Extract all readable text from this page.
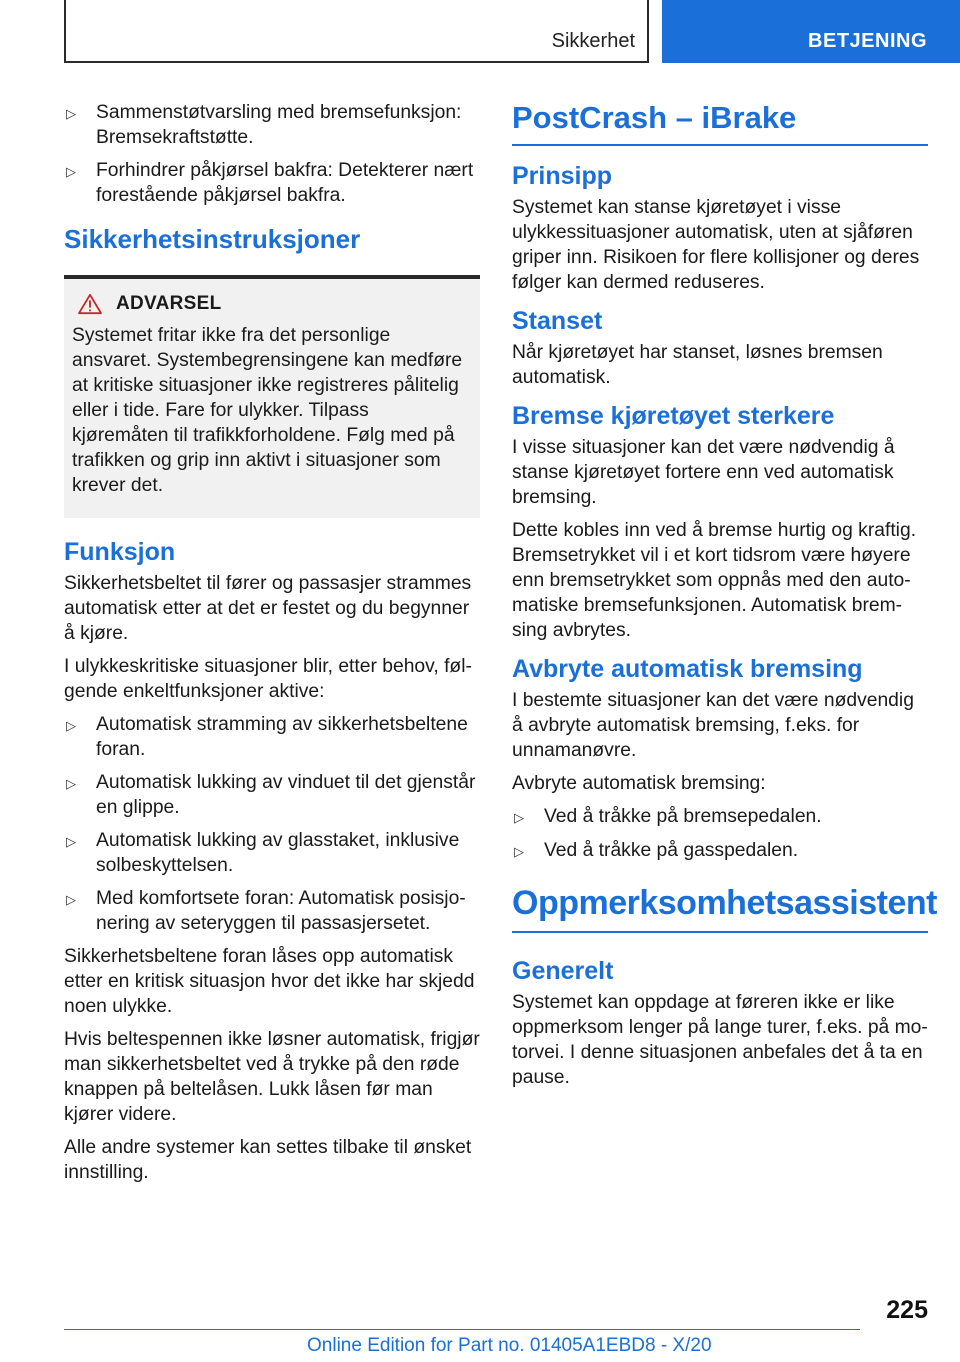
Sikkerhet	BETJENING
▷	Sammenstøtvarsling med bremsefunksjon: Bremsekraftstøtte.
▷	Forhindrer påkjørsel bakfra: Detekterer nært forestående påkjørsel bakfra.
Sikkerhetsinstruksjoner
ADVARSEL

Systemet fritar ikke fra det personlige ansvaret. Systembegrensingene kan medføre at kritiske situasjoner ikke registreres pålitelig eller i tide. Fare for ulykker. Tilpass kjøremåten til trafikkforholdene. Følg med på trafikken og grip inn aktivt i situasjoner som krever det.

Funksjon

Sikkerhetsbeltet til fører og passasjer strammes automatisk etter at det er festet og du begynner å kjøre.

I ulykkeskritiske situasjoner blir, etter behov, følgende enkeltfunksjoner aktive:

▷	Automatisk stramming av sikkerhetsbeltene foran.
▷	Automatisk lukking av vinduet til det gjenstår en glippe.
▷	Automatisk lukking av glasstaket, inklusive solbeskyttelsen.
▷	Med komfortsete foran: Automatisk posisjonering av seteryggen til passasjersetet.

Sikkerhetsbeltene foran låses opp automatisk etter en kritisk situasjon hvor det ikke har skjedd noen ulykke.

Hvis beltespennen ikke løsner automatisk, frigjør man sikkerhetsbeltet ved å trykke på den røde knappen på beltelåsen. Lukk låsen før man kjører videre.

Alle andre systemer kan settes tilbake til ønsket innstilling.

PostCrash – iBrake
Prinsipp

Systemet kan stanse kjøretøyet i visse ulykkessituasjoner automatisk, uten at sjåføren griper inn. Risikoen for flere kollisjoner og deres følger kan dermed reduseres.

Stanset

Når kjøretøyet har stanset, løsnes bremsen automatisk.

Bremse kjøretøyet sterkere

I visse situasjoner kan det være nødvendig å stanse kjøretøyet fortere enn ved automatisk bremsing.

Dette kobles inn ved å bremse hurtig og kraftig. Bremsetrykket vil i et kort tidsrom være høyere enn bremsetrykket som oppnås med den automatiske bremsefunksjonen. Automatisk bremsing avbrytes.

Avbryte automatisk bremsing

I bestemte situasjoner kan det være nødvendig å avbryte automatisk bremsing, f.eks. for unnamanøvre.

Avbryte automatisk bremsing:

▷	Ved å tråkke på bremsepedalen.
▷	Ved å tråkke på gasspedalen.
Oppmerksomhetsassistent
Generelt

Systemet kan oppdage at føreren ikke er like oppmerksom lenger på lange turer, f.eks. på motorvei. I denne situasjonen anbefales det å ta en pause.

225
Online Edition for Part no. 01405A1EBD8 - X/20
